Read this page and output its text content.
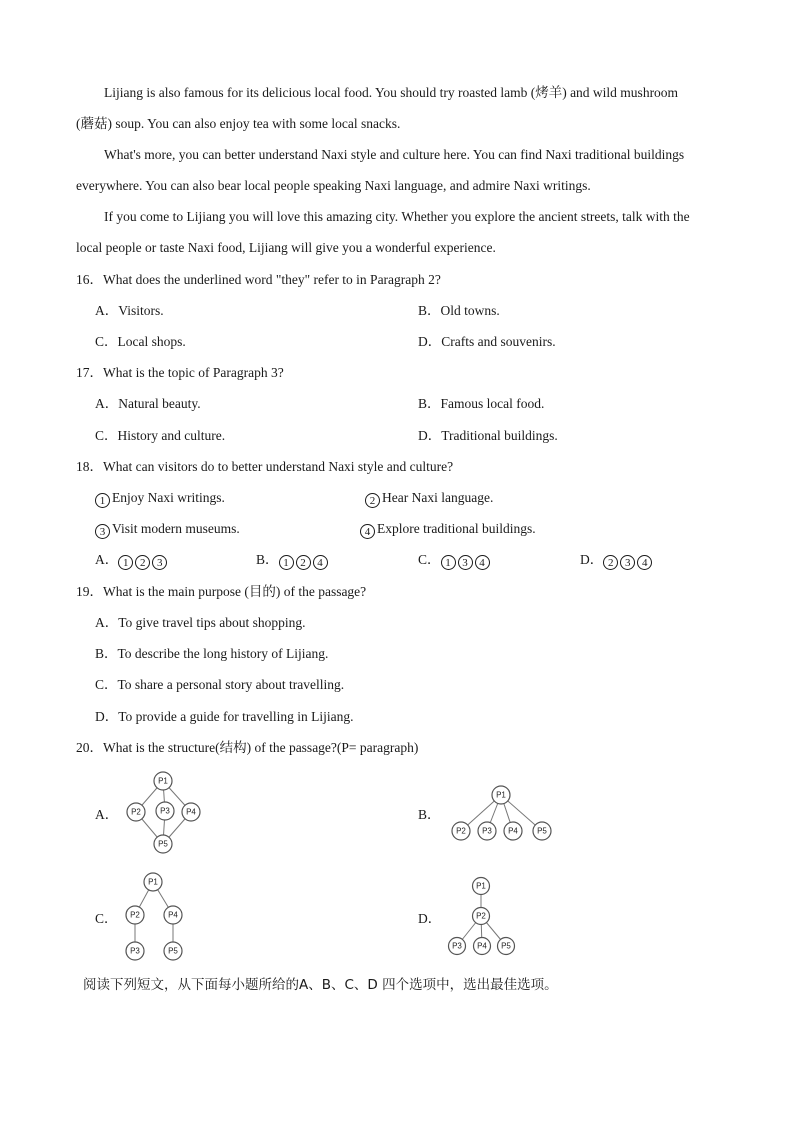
Lijiang is also famous for its delicious local food. You should try roasted lamb (烤羊) and wild mushroom
(蘑菇) soup. You can also enjoy tea with some local snacks.
What's more, you can better understand Naxi style and culture here. You can find Naxi traditional buildings
everywhere. You can also bear local people speaking Naxi language, and admire Naxi writings.
If you come to Lijiang you will love this amazing city. Whether you explore the ancient streets, talk with the
local people or taste Naxi food, Lijiang will give you a wonderful experience.
16．What does the underlined word "they" refer to in Paragraph 2?
A．Visitors.	B．Old towns.
C．Local shops.	D．Crafts and souvenirs.
17．What is the topic of Paragraph 3?
A．Natural beauty.	B．Famous local food.
C．History and culture.	D．Traditional buildings.
18．What can visitors do to better understand Naxi style and culture?
1 Enjoy Naxi writings.	2 Hear Naxi language.
3 Visit modern museums.	4 Explore traditional buildings.
A． 1 2 3	B． 1 2 4	C． 1 3 4	D． 2 3 4
19．What is the main purpose (目的) of the passage?
A．To give travel tips about shopping.
B．To describe the long history of Lijiang.
C．To share a personal story about travelling.
D．To provide a guide for travelling in Lijiang.
20．What is the structure(结构) of the passage?(P= paragraph)
A．
P1
P2 P3 P4
P5
B．
P1
P2 P3 P4 P5
C．
P1
P2	P4
P3	P5
D．
P1
P2
P3 P4 P5
阅读下列短文，从下面每小题所给的A、B、C、D 四个选项中，选出最佳选项。
